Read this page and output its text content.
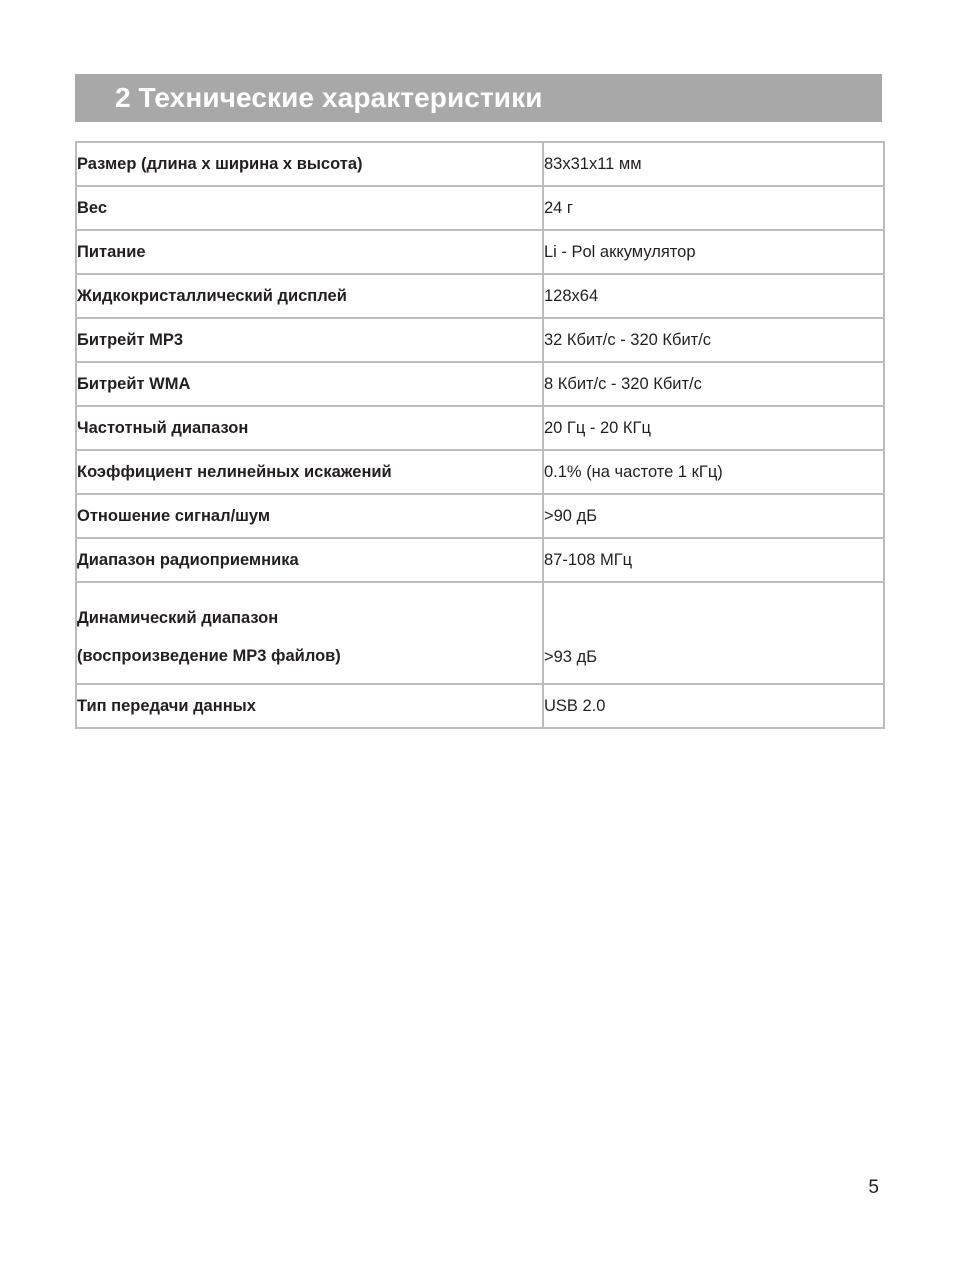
2 Технические характеристики
Размер (длина х ширина х высота)	83х31х11 мм
Вес	24 г
Питание	Li - Pol аккумулятор
Жидкокристаллический дисплей	128х64
Битрейт MP3	32 Кбит/с - 320 Кбит/с
Битрейт WMA	8 Кбит/с - 320 Кбит/с
Частотный диапазон	20 Гц - 20 КГц
Коэффициент нелинейных искажений	0.1% (на частоте 1 кГц)
Отношение сигнал/шум	>90 дБ
Диапазон радиоприемника	87-108 МГц

Динамический диапазон
(воспроизведение MP3 файлов)	>93 дБ
Тип передачи данных	USB 2.0
5
